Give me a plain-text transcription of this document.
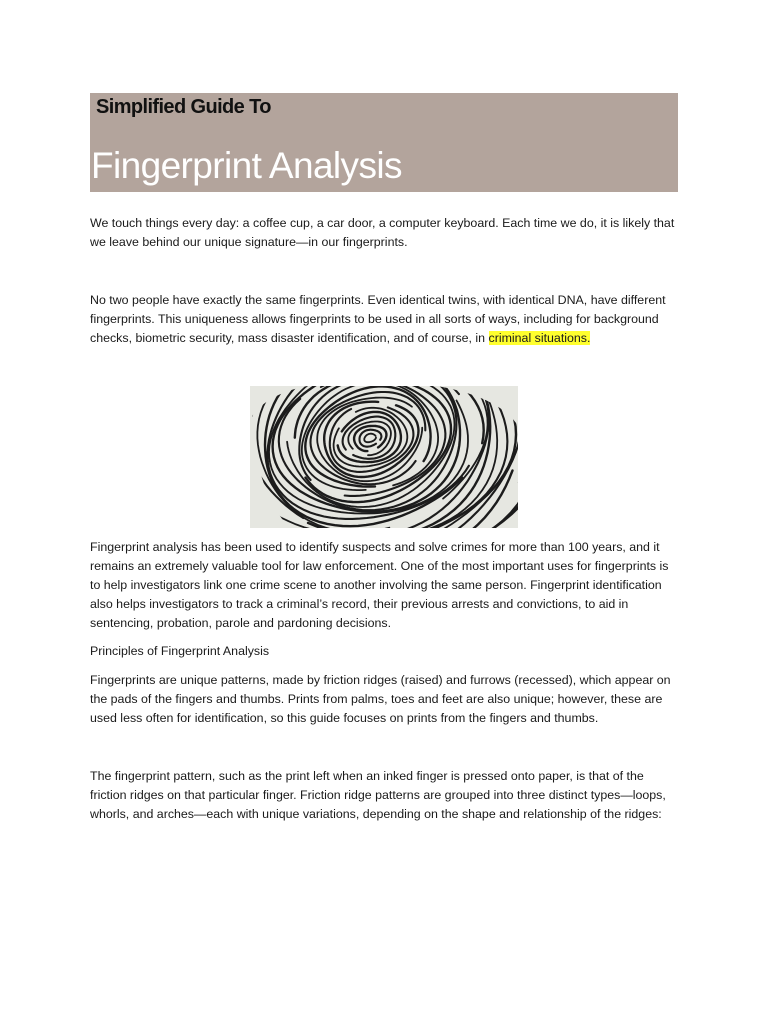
Simplified Guide To
Fingerprint Analysis

We touch things every day: a coffee cup, a car door, a computer keyboard. Each time we do, it is likely that we leave behind our unique signature—in our fingerprints.

No two people have exactly the same fingerprints. Even identical twins, with identical DNA, have different fingerprints. This uniqueness allows fingerprints to be used in all sorts of ways, including for background checks, biometric security, mass disaster identification, and of course, in criminal situations.

Fingerprint analysis has been used to identify suspects and solve crimes for more than 100 years, and it remains an extremely valuable tool for law enforcement. One of the most important uses for fingerprints is to help investigators link one crime scene to another involving the same person. Fingerprint identification also helps investigators to track a criminal’s record, their previous arrests and convictions, to aid in sentencing, probation, parole and pardoning decisions.

Principles of Fingerprint Analysis

Fingerprints are unique patterns, made by friction ridges (raised) and furrows (recessed), which appear on the pads of the fingers and thumbs. Prints from palms, toes and feet are also unique; however, these are used less often for identification, so this guide focuses on prints from the fingers and thumbs.

The fingerprint pattern, such as the print left when an inked finger is pressed onto paper, is that of the friction ridges on that particular finger. Friction ridge patterns are grouped into three distinct types—loops, whorls, and arches—each with unique variations, depending on the shape and relationship of the ridges:
